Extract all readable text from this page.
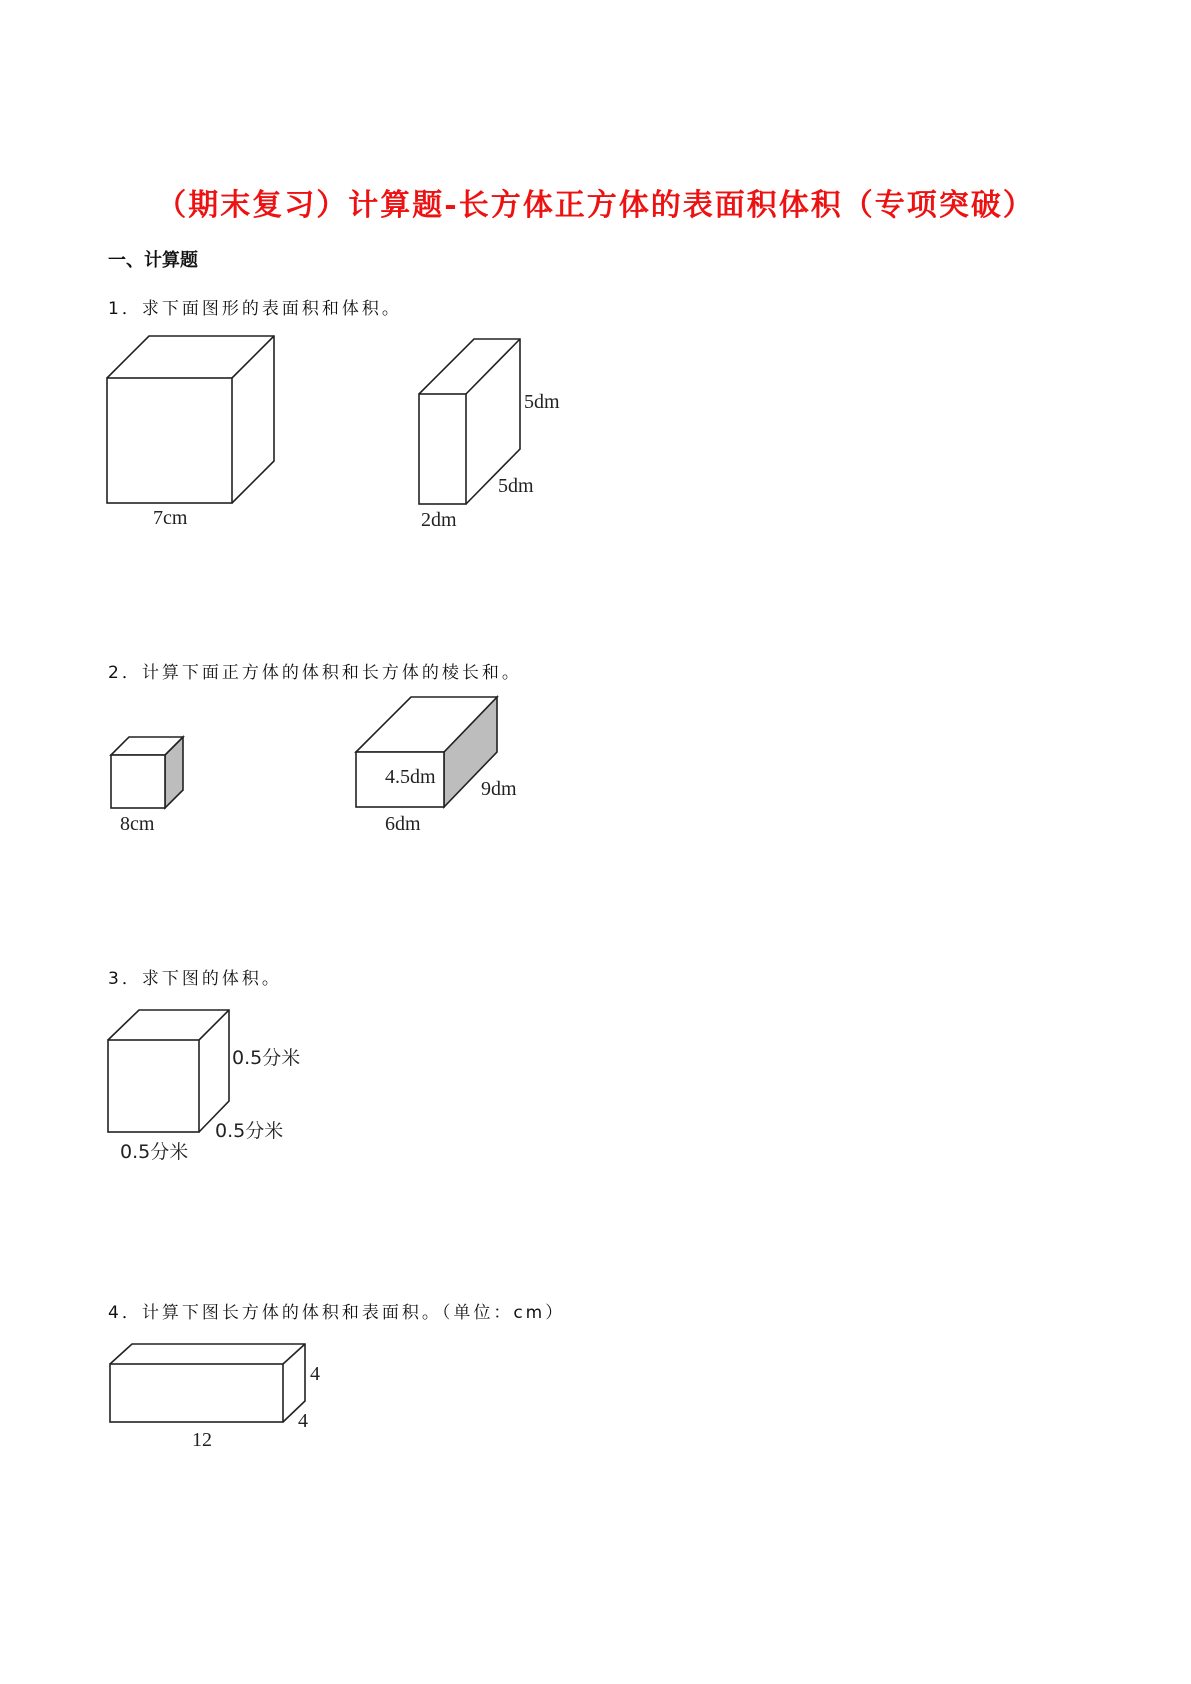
（期末复习）计算题-长方体正方体的表面积体积（专项突破）
一、计算题
1．求下面图形的表面积和体积。
7cm
5dm
5dm
2dm
2．计算下面正方体的体积和长方体的棱长和。
8cm
4.5dm
9dm
6dm
3．求下图的体积。
0.5分米
0.5分米
0.5分米
4．计算下图长方体的体积和表面积。（单位：cm）
4
4
12
